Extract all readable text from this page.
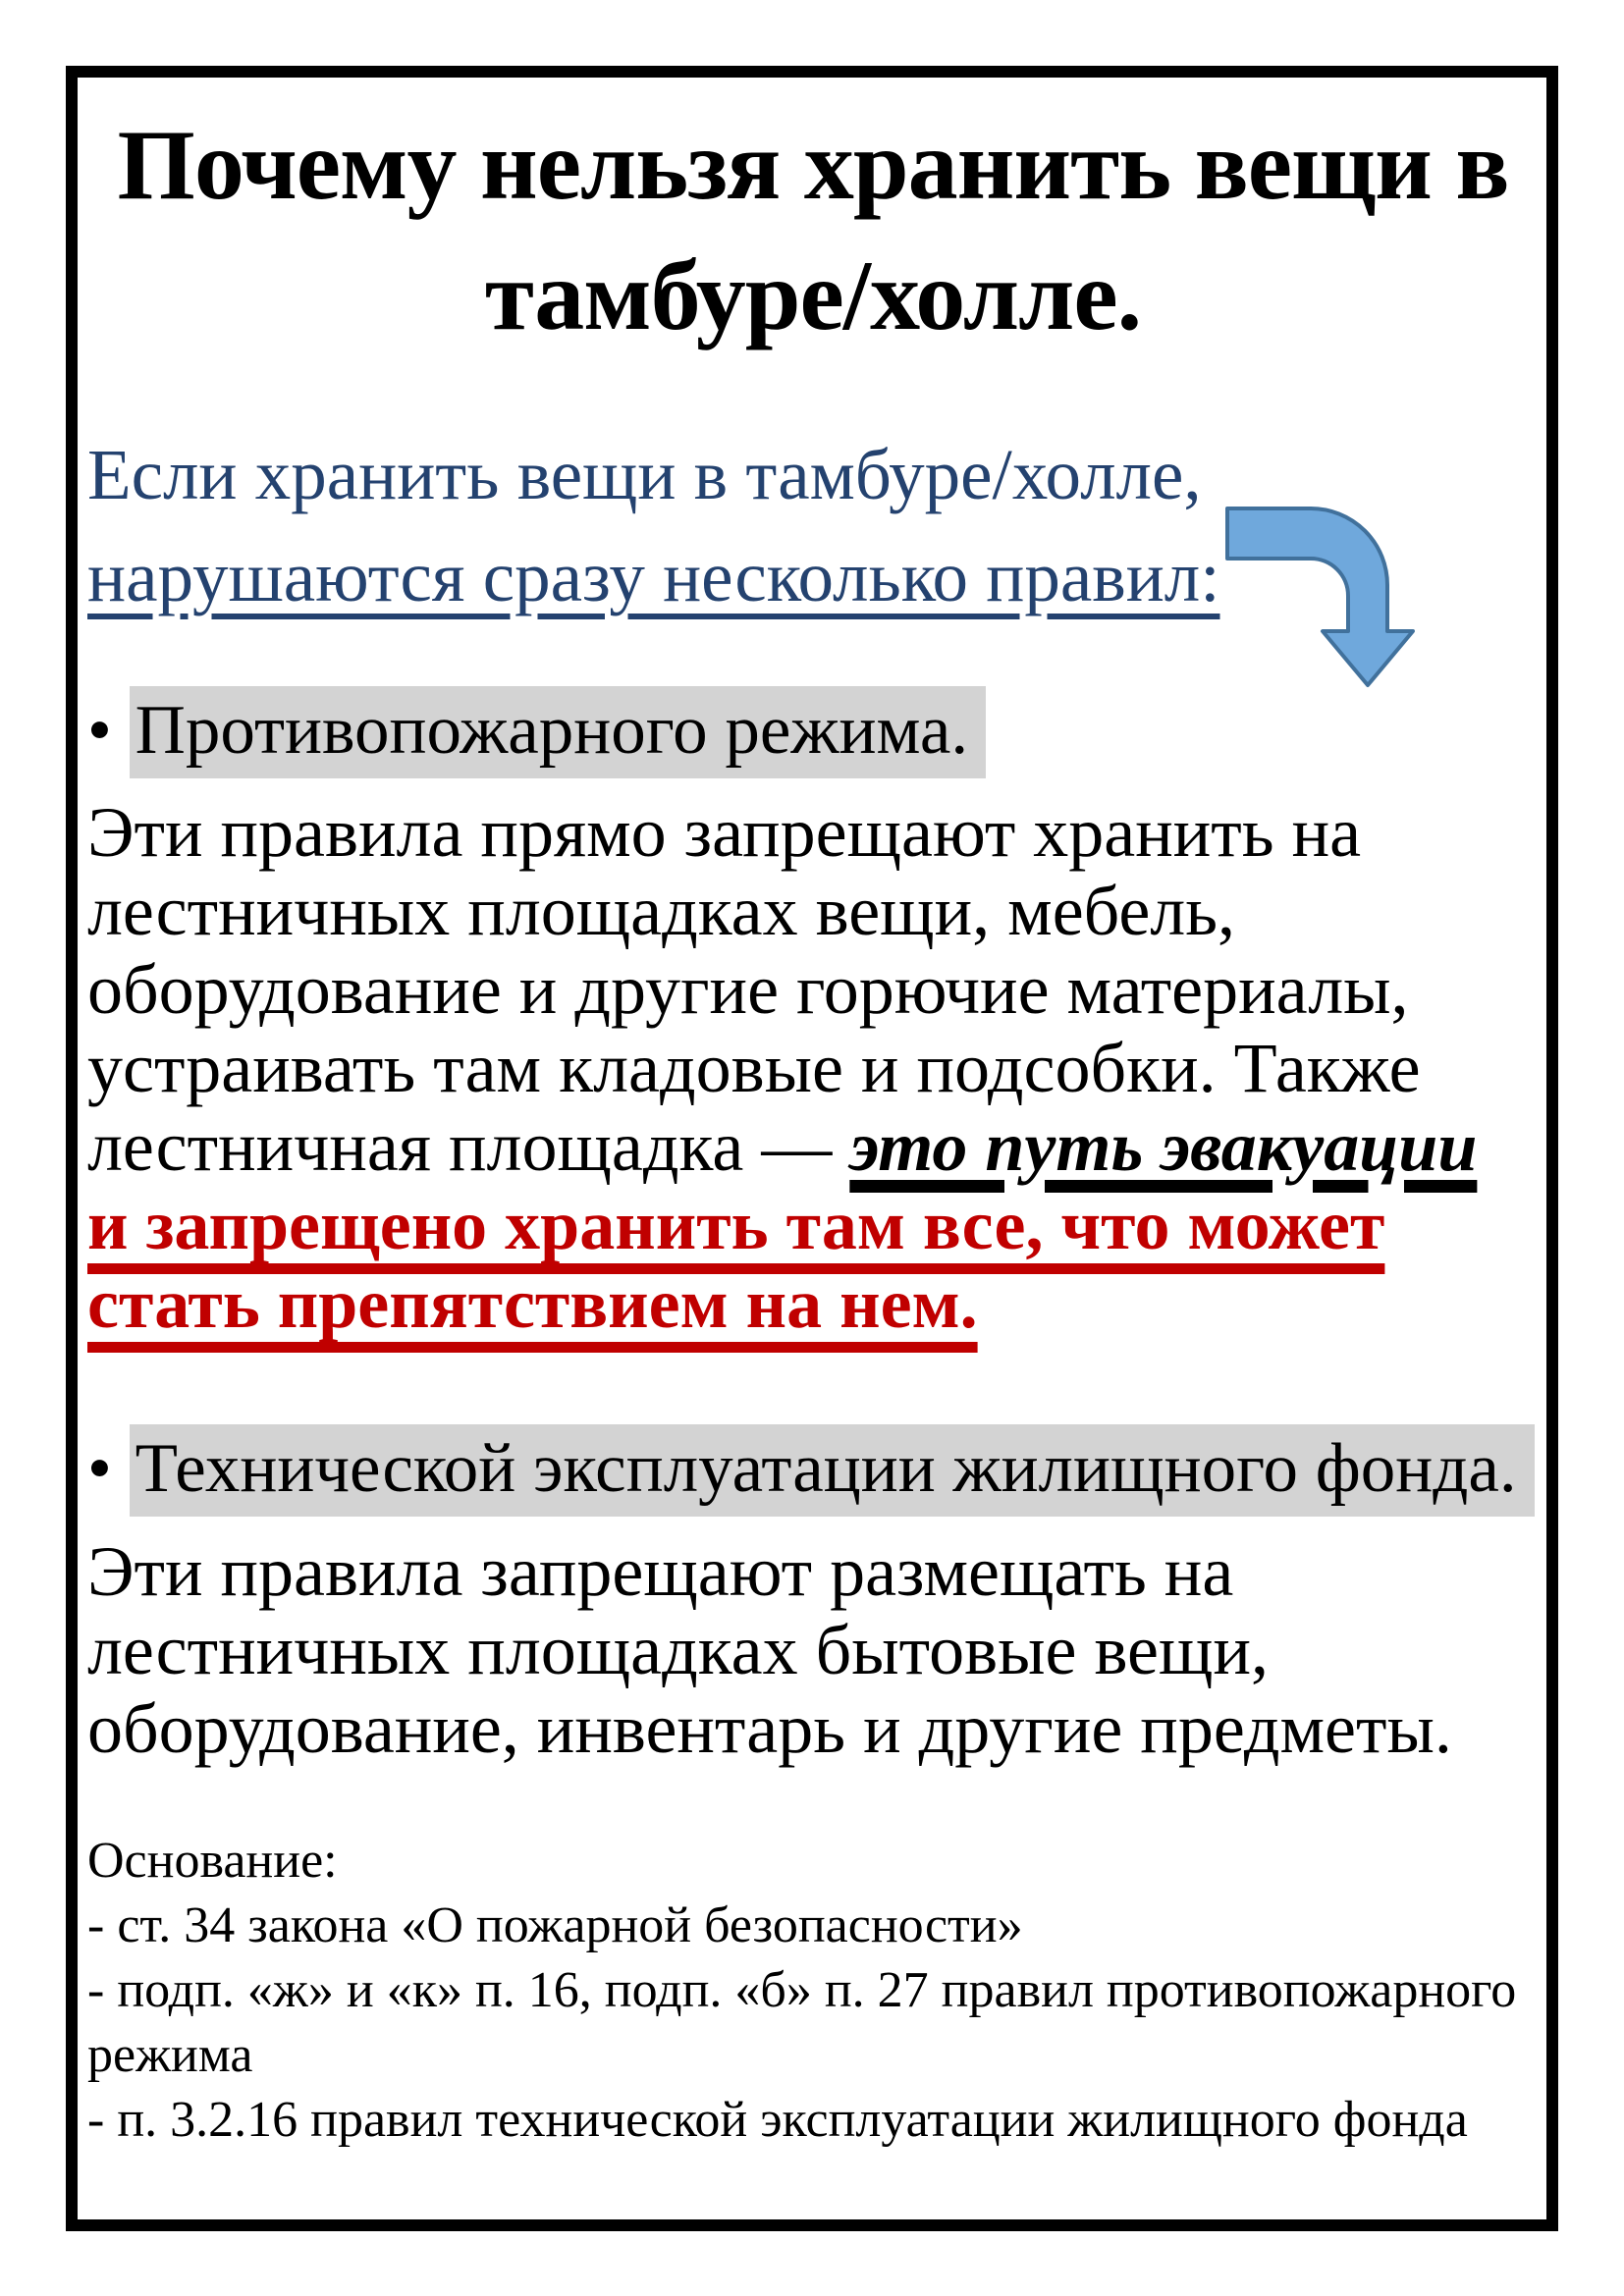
Почему нельзя хранить вещи в
тамбуре/холле.

Если хранить вещи в тамбуре/холле,
нарушаются сразу несколько правил:

• Противопожарного режима.

Эти правила прямо запрещают хранить на лестничных площадках вещи, мебель, оборудование и другие горючие материалы, устраивать там кладовые и подсобки. Также лестничная площадка — это путь эвакуации

и запрещено хранить там все, что может стать препятствием на нем.

• Технической эксплуатации жилищного фонда.

Эти правила запрещают размещать на лестничных площадках бытовые вещи, оборудование, инвентарь и другие предметы.

Основание:
- ст. 34 закона «О пожарной безопасности»
- подп. «ж» и «к» п. 16, подп. «б» п. 27 правил противопожарного режима
- п. 3.2.16 правил технической эксплуатации жилищного фонда
